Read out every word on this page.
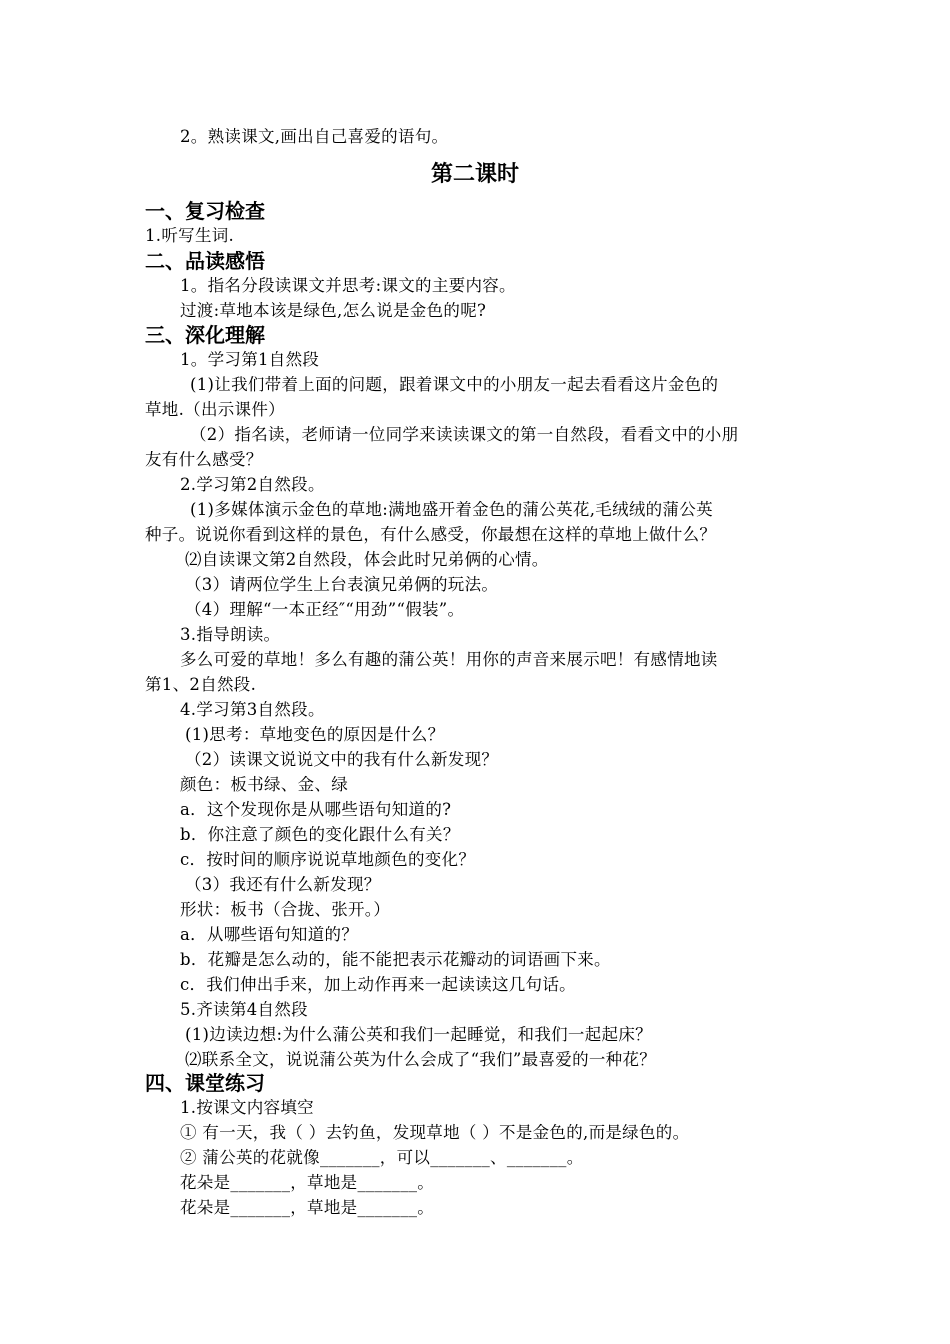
2。熟读课文,画出自己喜爱的语句。
第二课时
一、复习检查
1.听写生词.
二、品读感悟
1。指名分段读课文并思考:课文的主要内容。
过渡:草地本该是绿色,怎么说是金色的呢?
三、深化理解
1。学习第1自然段
(1)让我们带着上面的问题，跟着课文中的小朋友一起去看看这片金色的
草地.（出示课件）
（2）指名读，老师请一位同学来读读课文的第一自然段，看看文中的小朋
友有什么感受？
2.学习第2自然段。
(1)多媒体演示金色的草地:满地盛开着金色的蒲公英花,毛绒绒的蒲公英
种子。说说你看到这样的景色，有什么感受，你最想在这样的草地上做什么？
⑵自读课文第2自然段，体会此时兄弟俩的心情。
（3）请两位学生上台表演兄弟俩的玩法。
（4）理解“一本正经″“用劲”“假装”。
3.指导朗读。
多么可爱的草地！多么有趣的蒲公英！用你的声音来展示吧！有感情地读
第1、2自然段.
4.学习第3自然段。
(1)思考：草地变色的原因是什么？
（2）读课文说说文中的我有什么新发现？
颜色：板书绿、金、绿
a．这个发现你是从哪些语句知道的?
b．你注意了颜色的变化跟什么有关？
c．按时间的顺序说说草地颜色的变化？
（3）我还有什么新发现？
形状：板书（合拢、张开。）
a．从哪些语句知道的？
b．花瓣是怎么动的，能不能把表示花瓣动的词语画下来。
c．我们伸出手来，加上动作再来一起读读这几句话。
5.齐读第4自然段
(1)边读边想:为什么蒲公英和我们一起睡觉，和我们一起起床？
⑵联系全文，说说蒲公英为什么会成了“我们”最喜爱的一种花？
四、课堂练习
1.按课文内容填空
① 有一天，我（ ）去钓鱼，发现草地（ ）不是金色的,而是绿色的。
② 蒲公英的花就像_______，可以_______、_______。
花朵是_______，草地是_______。
花朵是_______，草地是_______。
